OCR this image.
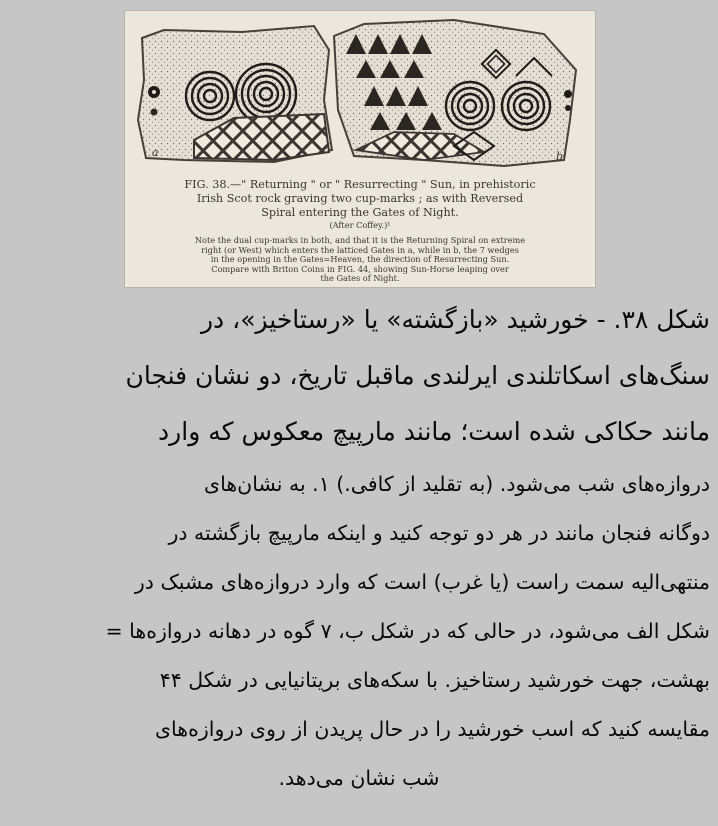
a	b
FIG. 38.—" Returning " or " Resurrecting " Sun, in prehistoric
Irish Scot rock graving two cup-marks ; as with Reversed
Spiral entering the Gates of Night.
(After Coffey.)¹
Note the dual cup-marks in both, and that it is the Returning Spiral on extreme
right (or West) which enters the latticed Gates in a, while in b, the 7 wedges
in the opening in the Gates=Heaven, the direction of Resurrecting Sun.
Compare with Briton Coins in FIG. 44, showing Sun-Horse leaping over
the Gates of Night.
شکل ۳۸. - خورشید «بازگشته» یا «رستاخیز»، در
سنگ‌های اسکاتلندی ایرلندی ماقبل تاریخ، دو نشان فنجان
مانند حکاکی شده است؛ مانند مارپیچ معکوس که وارد
دروازه‌های شب می‌شود. (به تقلید از کافی.) ۱. به نشان‌های
دوگانه فنجان مانند در هر دو توجه کنید و اینکه مارپیچ بازگشته در
منتهی‌الیه سمت راست (یا غرب) است که وارد دروازه‌های مشبک در
شکل الف می‌شود، در حالی که در شکل ب، ۷ گوه در دهانه دروازه‌ها =
بهشت، جهت خورشید رستاخیز. با سکه‌های بریتانیایی در شکل ۴۴
مقایسه کنید که اسب خورشید را در حال پریدن از روی دروازه‌های
شب نشان می‌دهد.
